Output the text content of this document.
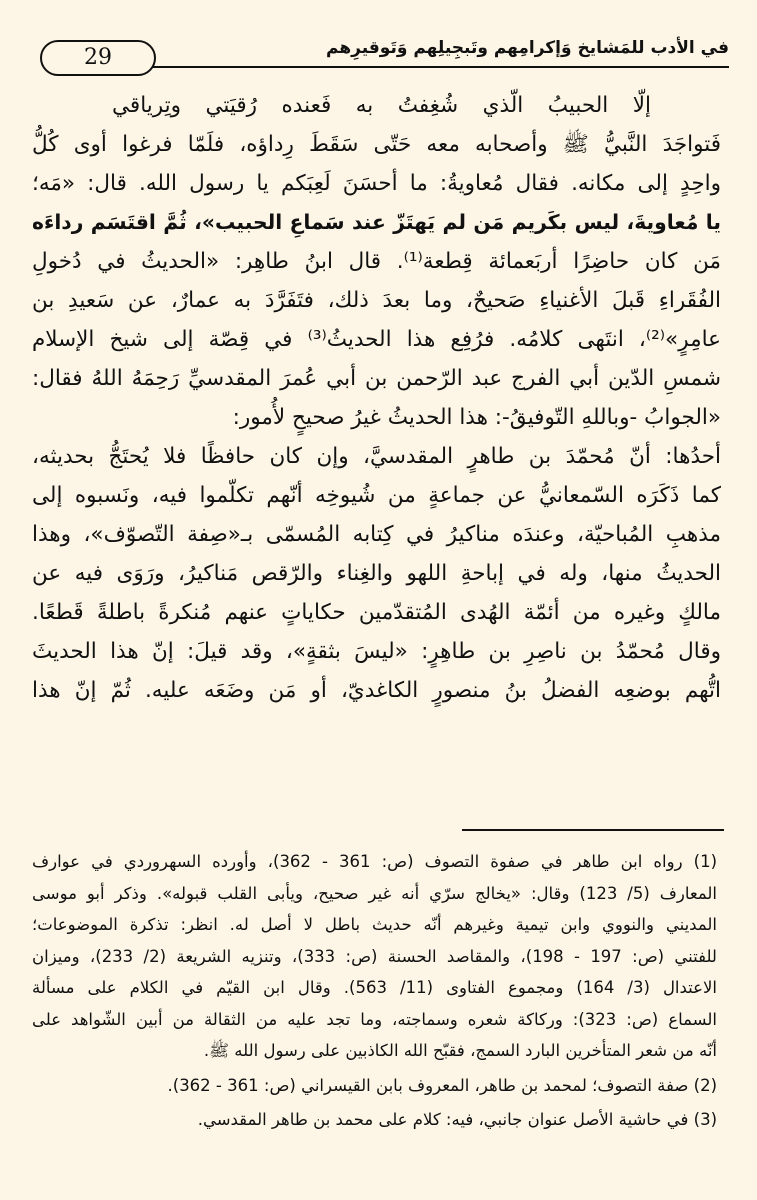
في الأدب للمَشايخ وَإكرامِهم وتَبجِيلِهم وَتَوقيرِهم
29
إلّا الحبيبُ الّذي شُغِفتُ به فَعنده رُقيَتي وتِرياقي
فَتواجَدَ النَّبيُّ ﷺ وأصحابه معه حَتّى سَقَطَ رِداؤه، فلَمّا فرغوا أوى كُلُّ
واحِدٍ إلى مكانه. فقال مُعاويةُ: ما أحسَنَ لَعِبَكم يا رسول الله. قال: «مَه؛
يا مُعاويةَ، ليس بكَريم مَن لم يَهتَزّ عند سَماعِ الحبيب»، ثُمَّ اقتَسَم رداءَه
مَن كان حاضِرًا أربَعمائة قِطعة⁽¹⁾. قال ابنُ طاهِر: «الحديثُ في دُخولِ
الفُقَراءِ قَبلَ الأغنياءِ صَحيحٌ، وما بعدَ ذلك، فتَفَرَّدَ به عمارٌ، عن سَعيدِ بن
عامِرٍ»⁽²⁾، انتَهى كلامُه. فرُفِع هذا الحديثُ⁽³⁾ في قِصّة إلى شيخ الإسلام
شمسِ الدّين أبي الفرج عبد الرّحمن بن أبي عُمرَ المقدسيِّ رَحِمَهُ اللهُ فقال:
«الجوابُ -وباللهِ التّوفيقُ-: هذا الحديثُ غيرُ صحيحٍ لأُمور:
أحدُها: أنّ مُحمّدَ بن طاهرٍ المقدسيَّ، وإن كان حافظًا فلا يُحتَجُّ بحديثه،
كما ذَكَرَه السّمعانيُّ عن جماعةٍ من شُيوخِه أنّهم تكلّموا فيه، ونَسبوه إلى
مذهبِ المُباحيّة، وعندَه مناكيرُ في كِتابه المُسمّى بـ«صِفة التّصوّف»، وهذا
الحديثُ منها، وله في إباحةِ اللهو والغِناء والرّقص مَناكيرُ، ورَوَى فيه عن
مالكٍ وغيره من أئمّة الهُدى المُتقدّمين حكاياتٍ عنهم مُنكرةً باطلةً قَطعًا.
وقال مُحمّدُ بن ناصِرِ بن طاهِرٍ: «ليسَ بثقةٍ»، وقد قيلَ: إنّ هذا الحديثَ
اتُّهم بوضعِه الفضلُ بنُ منصورٍ الكاغديّ، أو مَن وضَعَه عليه. ثُمّ إنّ هذا
(1) رواه ابن طاهر في صفوة التصوف (ص: 361 - 362)، وأورده السهروردي في عوارف
المعارف (5/ 123) وقال: «يخالج سرّي أنه غير صحيح، ويأبى القلب قبوله». وذكر أبو موسى
المديني والنووي وابن تيمية وغيرهم أنّه حديث باطل لا أصل له. انظر: تذكرة الموضوعات؛
للفتني (ص: 197 - 198)، والمقاصد الحسنة (ص: 333)، وتنزيه الشريعة (2/ 233)، وميزان
الاعتدال (3/ 164) ومجموع الفتاوى (11/ 563). وقال ابن القيّم في الكلام على مسألة
السماع (ص: 323): وركاكة شعره وسماجته، وما تجد عليه من الثقالة من أبين الشّواهد على
أنّه من شعر المتأخرين البارد السمج، فقبّح الله الكاذبين على رسول الله ﷺ.
(2) صفة التصوف؛ لمحمد بن طاهر، المعروف بابن القيسراني (ص: 361 - 362).
(3) في حاشية الأصل عنوان جانبي، فيه: كلام على محمد بن طاهر المقدسي.
